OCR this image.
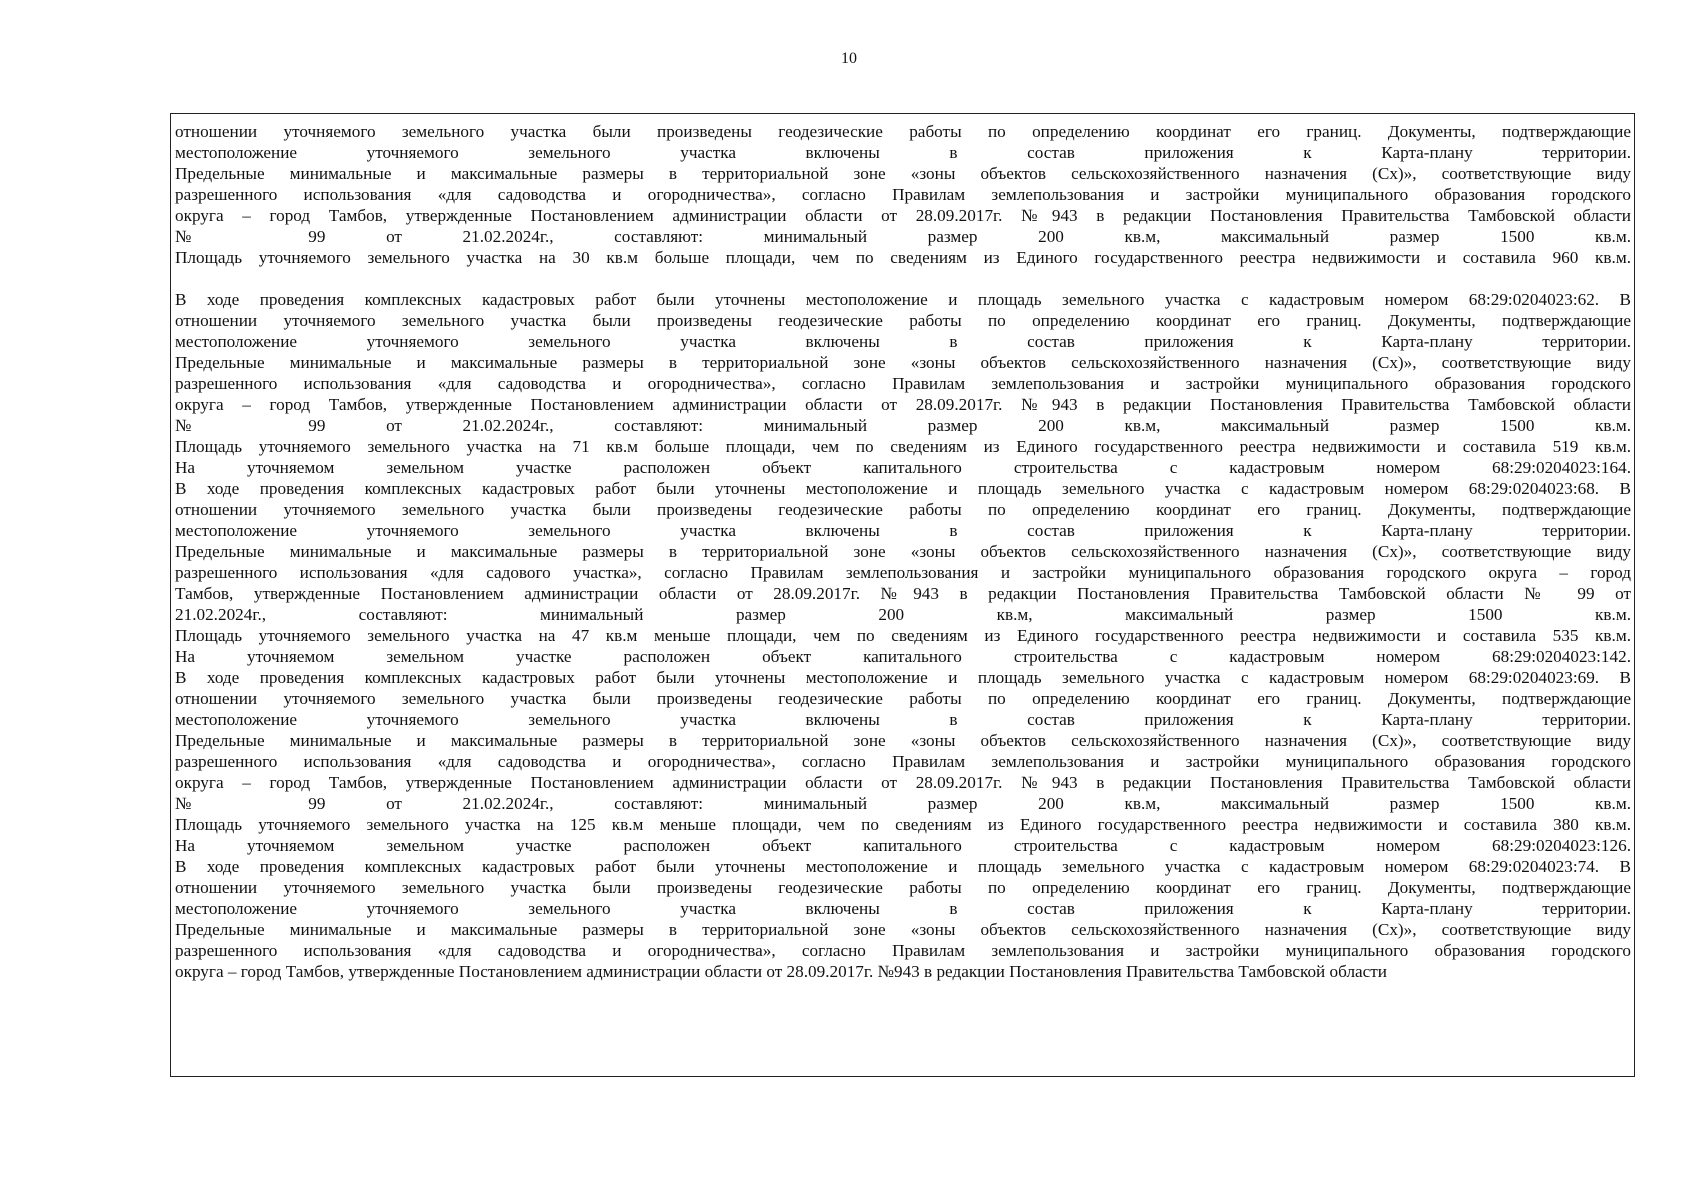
10
отношении уточняемого земельного участка были произведены геодезические работы по определению координат его границ. Документы, подтверждающие
местоположение уточняемого земельного участка включены в состав приложения к Карта-плану территории.
Предельные минимальные и максимальные размеры в территориальной зоне «зоны объектов сельскохозяйственного назначения (Сх)», соответствующие виду
разрешенного использования «для садоводства и огородничества», согласно Правилам землепользования и застройки муниципального образования городского
округа – город Тамбов, утвержденные Постановлением администрации области от 28.09.2017г. №943 в редакции Постановления Правительства Тамбовской области
№ 99 от 21.02.2024г., составляют: минимальный размер 200 кв.м, максимальный размер 1500 кв.м.
Площадь уточняемого земельного участка на 30 кв.м больше площади, чем по сведениям из Единого государственного реестра недвижимости и составила 960 кв.м.
В ходе проведения комплексных кадастровых работ были уточнены местоположение и площадь земельного участка с кадастровым номером 68:29:0204023:62. В
отношении уточняемого земельного участка были произведены геодезические работы по определению координат его границ. Документы, подтверждающие
местоположение уточняемого земельного участка включены в состав приложения к Карта-плану территории.
Предельные минимальные и максимальные размеры в территориальной зоне «зоны объектов сельскохозяйственного назначения (Сх)», соответствующие виду
разрешенного использования «для садоводства и огородничества», согласно Правилам землепользования и застройки муниципального образования городского
округа – город Тамбов, утвержденные Постановлением администрации области от 28.09.2017г. №943 в редакции Постановления Правительства Тамбовской области
№ 99 от 21.02.2024г., составляют: минимальный размер 200 кв.м, максимальный размер 1500 кв.м.
Площадь уточняемого земельного участка на 71 кв.м больше площади, чем по сведениям из Единого государственного реестра недвижимости и составила 519 кв.м.
На уточняемом земельном участке расположен объект капитального строительства с кадастровым номером 68:29:0204023:164.
В ходе проведения комплексных кадастровых работ были уточнены местоположение и площадь земельного участка с кадастровым номером 68:29:0204023:68. В
отношении уточняемого земельного участка были произведены геодезические работы по определению координат его границ. Документы, подтверждающие
местоположение уточняемого земельного участка включены в состав приложения к Карта-плану территории.
Предельные минимальные и максимальные размеры в территориальной зоне «зоны объектов сельскохозяйственного назначения (Сх)», соответствующие виду
разрешенного использования «для садового участка», согласно Правилам землепользования и застройки муниципального образования городского округа – город
Тамбов, утвержденные Постановлением администрации области от 28.09.2017г. №943 в редакции Постановления Правительства Тамбовской области № 99 от
21.02.2024г., составляют: минимальный размер 200 кв.м, максимальный размер 1500 кв.м.
Площадь уточняемого земельного участка на 47 кв.м меньше площади, чем по сведениям из Единого государственного реестра недвижимости и составила 535 кв.м.
На уточняемом земельном участке расположен объект капитального строительства с кадастровым номером 68:29:0204023:142.
В ходе проведения комплексных кадастровых работ были уточнены местоположение и площадь земельного участка с кадастровым номером 68:29:0204023:69. В
отношении уточняемого земельного участка были произведены геодезические работы по определению координат его границ. Документы, подтверждающие
местоположение уточняемого земельного участка включены в состав приложения к Карта-плану территории.
Предельные минимальные и максимальные размеры в территориальной зоне «зоны объектов сельскохозяйственного назначения (Сх)», соответствующие виду
разрешенного использования «для садоводства и огородничества», согласно Правилам землепользования и застройки муниципального образования городского
округа – город Тамбов, утвержденные Постановлением администрации области от 28.09.2017г. №943 в редакции Постановления Правительства Тамбовской области
№ 99 от 21.02.2024г., составляют: минимальный размер 200 кв.м, максимальный размер 1500 кв.м.
Площадь уточняемого земельного участка на 125 кв.м меньше площади, чем по сведениям из Единого государственного реестра недвижимости и составила 380 кв.м.
На уточняемом земельном участке расположен объект капитального строительства с кадастровым номером 68:29:0204023:126.
В ходе проведения комплексных кадастровых работ были уточнены местоположение и площадь земельного участка с кадастровым номером 68:29:0204023:74. В
отношении уточняемого земельного участка были произведены геодезические работы по определению координат его границ. Документы, подтверждающие
местоположение уточняемого земельного участка включены в состав приложения к Карта-плану территории.
Предельные минимальные и максимальные размеры в территориальной зоне «зоны объектов сельскохозяйственного назначения (Сх)», соответствующие виду
разрешенного использования «для садоводства и огородничества», согласно Правилам землепользования и застройки муниципального образования городского
округа – город Тамбов, утвержденные Постановлением администрации области от 28.09.2017г. №943 в редакции Постановления Правительства Тамбовской области
